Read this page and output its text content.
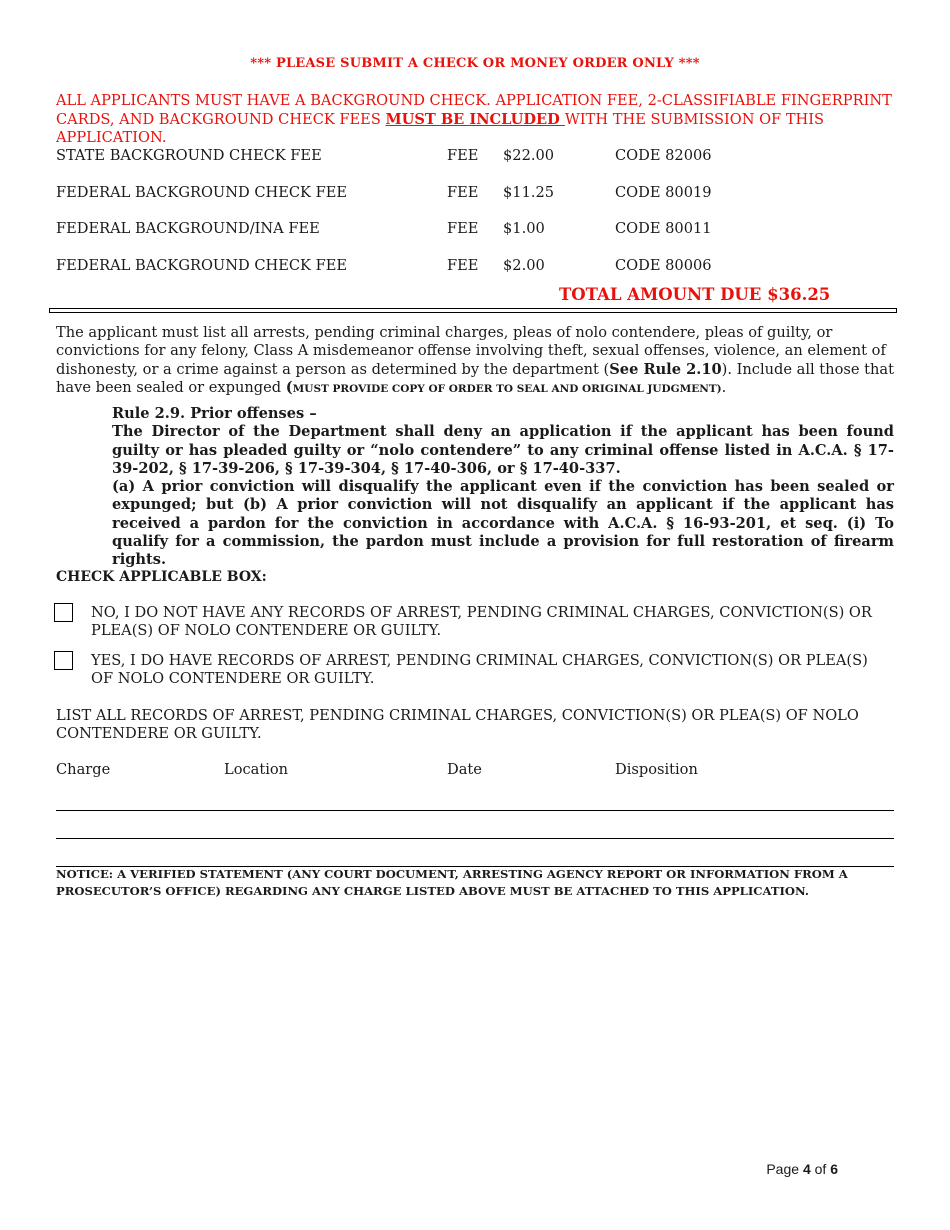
*** PLEASE SUBMIT A CHECK OR MONEY ORDER ONLY ***

ALL APPLICANTS MUST HAVE A BACKGROUND CHECK. APPLICATION FEE, 2-CLASSIFIABLE FINGERPRINT CARDS, AND BACKGROUND CHECK FEES MUST BE INCLUDED WITH THE SUBMISSION OF THIS APPLICATION.

STATE BACKGROUND CHECK FEE	FEE $22.00	CODE 82006
FEDERAL BACKGROUND CHECK FEE	FEE $11.25	CODE 80019
FEDERAL BACKGROUND/INA FEE	FEE $1.00	CODE 80011
FEDERAL BACKGROUND CHECK FEE	FEE $2.00	CODE 80006
TOTAL AMOUNT DUE $36.25

The applicant must list all arrests, pending criminal charges, pleas of nolo contendere, pleas of guilty, or convictions for any felony, Class A misdemeanor offense involving theft, sexual offenses, violence, an element of dishonesty, or a crime against a person as determined by the department (See Rule 2.10). Include all those that have been sealed or expunged (MUST PROVIDE COPY OF ORDER TO SEAL AND ORIGINAL JUDGMENT).

Rule 2.9. Prior offenses –

The Director of the Department shall deny an application if the applicant has been found guilty or has pleaded guilty or “nolo contendere” to any criminal offense listed in A.C.A. § 17-39-202, § 17-39-206, § 17-39-304, § 17-40-306, or § 17-40-337.

(a) A prior conviction will disqualify the applicant even if the conviction has been sealed or expunged; but (b) A prior conviction will not disqualify an applicant if the applicant has received a pardon for the conviction in accordance with A.C.A. § 16-93-201, et seq. (i) To qualify for a commission, the pardon must include a provision for full restoration of firearm rights.

CHECK APPLICABLE BOX:

NO, I DO NOT HAVE ANY RECORDS OF ARREST, PENDING CRIMINAL CHARGES, CONVICTION(S) OR PLEA(S) OF NOLO CONTENDERE OR GUILTY.

YES, I DO HAVE RECORDS OF ARREST, PENDING CRIMINAL CHARGES, CONVICTION(S) OR PLEA(S) OF NOLO CONTENDERE OR GUILTY.

LIST ALL RECORDS OF ARREST, PENDING CRIMINAL CHARGES, CONVICTION(S) OR PLEA(S) OF NOLO CONTENDERE OR GUILTY.

Charge	Location	Date	Disposition

NOTICE: A VERIFIED STATEMENT (ANY COURT DOCUMENT, ARRESTING AGENCY REPORT OR INFORMATION FROM A PROSECUTOR’S OFFICE) REGARDING ANY CHARGE LISTED ABOVE MUST BE ATTACHED TO THIS APPLICATION.

Page 4 of 6
